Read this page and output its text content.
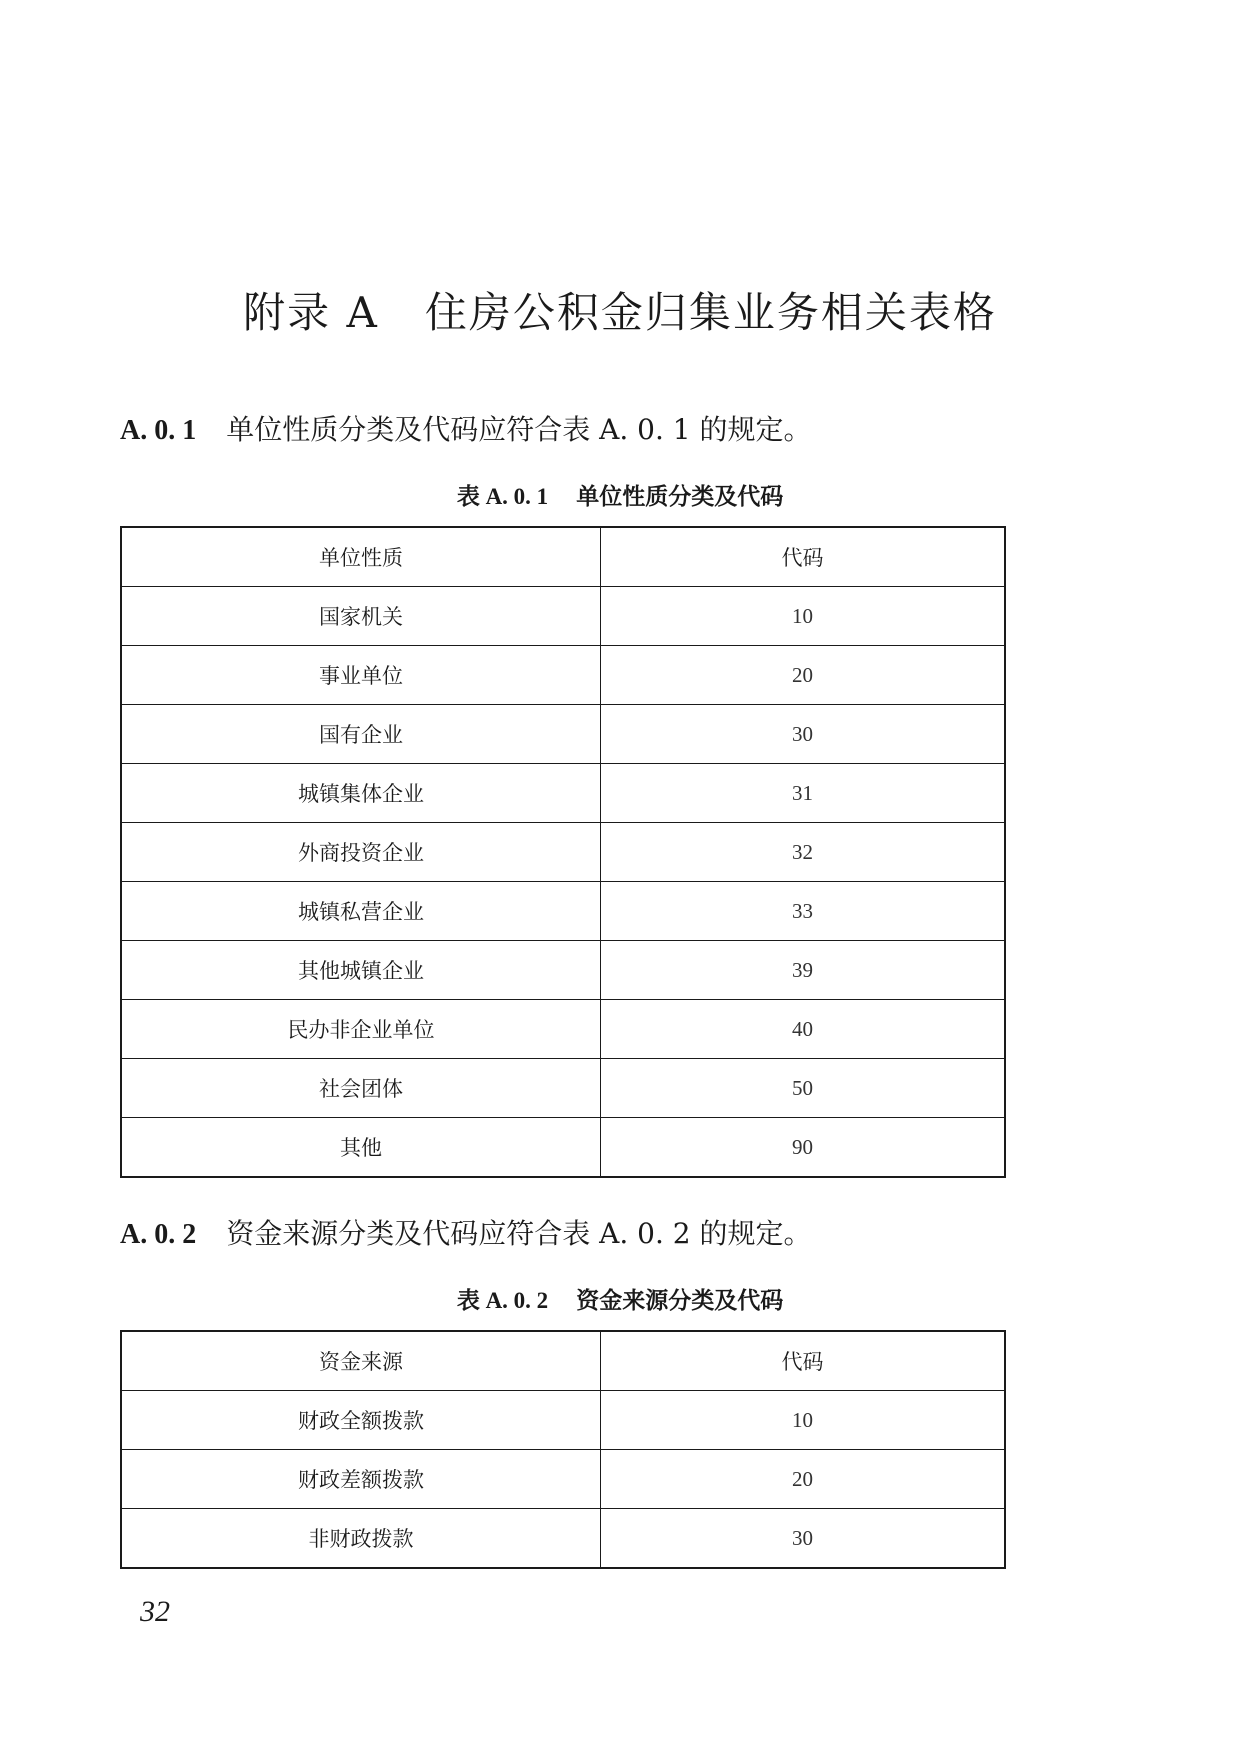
附录 A 住房公积金归集业务相关表格
A. 0. 1 单位性质分类及代码应符合表 A. 0. 1 的规定。
表 A. 0. 1 单位性质分类及代码
单位性质	代码
国家机关	10
事业单位	20
国有企业	30
城镇集体企业	31
外商投资企业	32
城镇私营企业	33
其他城镇企业	39
民办非企业单位	40
社会团体	50
其他	90
A. 0. 2 资金来源分类及代码应符合表 A. 0. 2 的规定。
表 A. 0. 2 资金来源分类及代码
资金来源	代码
财政全额拨款	10
财政差额拨款	20
非财政拨款	30
32
